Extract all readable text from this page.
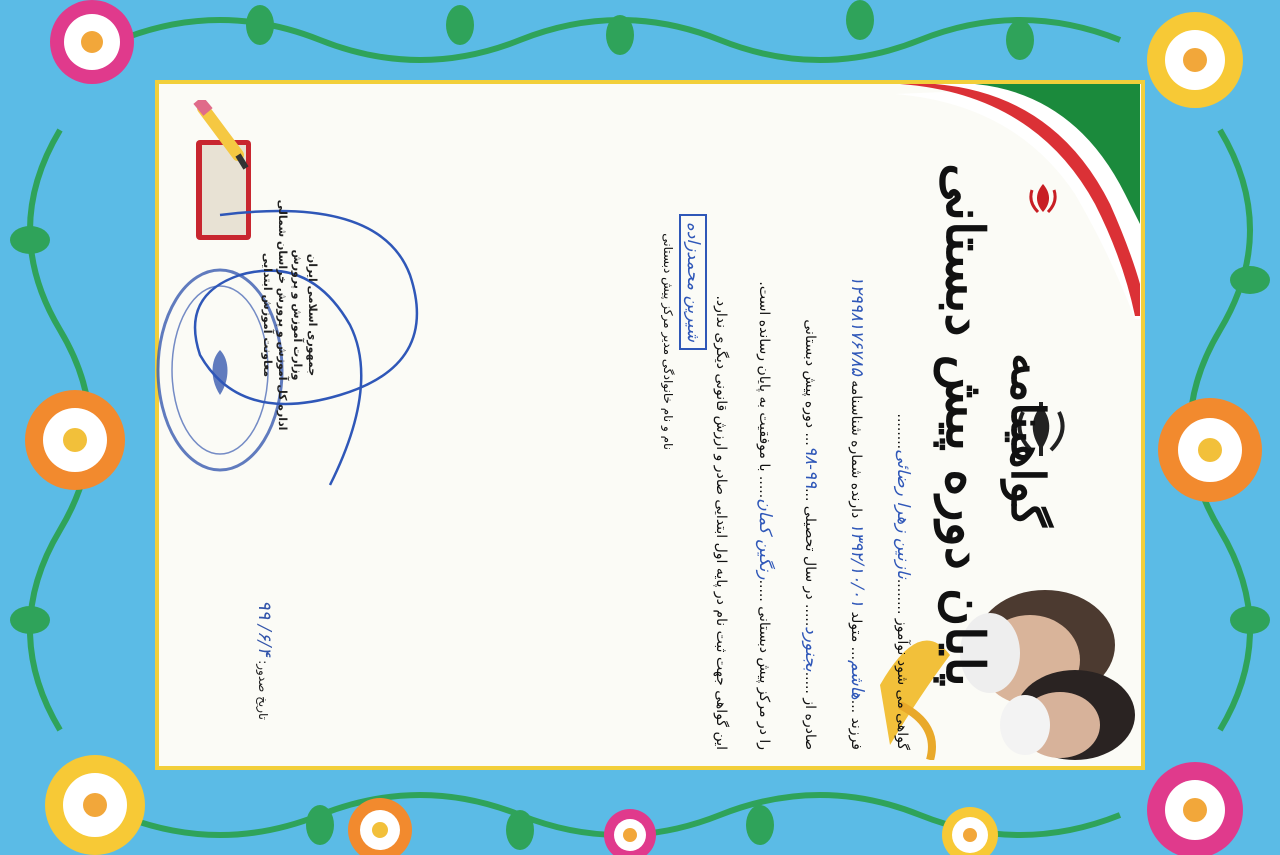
جمهوری اسلامی ایران
وزارت آموزش و پرورش
اداره کل آموزش و پرورش خراسان شمالی
معاونت آموزش ابتدایی
تاریخ صدور: ۶/۴/ ۹۹
گواهینامه
پایان دوره پیش دبستانی
گواهی می شود نوآموز ........نازنین زهرا رضائی........
فرزند ...هاشم... متولد ۱۳۹۲/۱۰/۰۱ دارنده شماره شناسنامه ۱۲۹۹۸۱۷۶۷۸۵
صادره از .....بجنورد..... در سال تحصیلی ...۹۹-۹۸... دوره پیش دبستانی
را در مرکز پیش دبستانی .....رنگین کمان..... با موفقیت به پایان رسانده است.
این گواهی جهت ثبت نام در پایه اول ابتدایی صادر و ارزش قانونی دیگری ندارد.
نام و نام خانوادگی مدیر مرکز پیش دبستانی شیرین محمدزاده
